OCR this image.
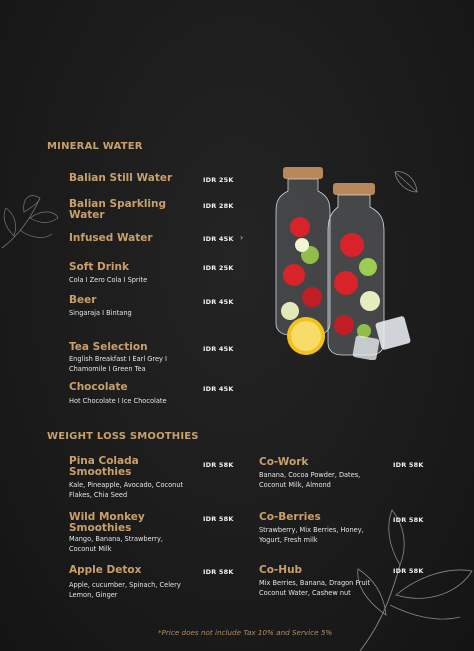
MINERAL WATER
Balian Still Water	IDR 25K
Balian Sparkling
Water
IDR 28K
Infused Water	IDR 45K
Soft Drink	IDR 25K
Cola I Zero Cola I Sprite
Beer	IDR 45K
Singaraja I Bintang
Tea Selection	IDR 45K
English Breakfast I Earl Grey I
Chamomile I Green Tea
Chocolate	IDR 45K
Hot Chocolate I Ice Chocolate
›
WEIGHT LOSS SMOOTHIES
Pina Colada
Smoothies
IDR 58K
Kale, Pineapple, Avocado, Coconut
Flakes, Chia Seed
Wild Monkey
Smoothies
IDR 58K
Mango, Banana, Strawberry,
Coconut Milk
Apple Detox	IDR 58K
Apple, cucumber, Spinach, Celery
Lemon, Ginger
Co-Work	IDR 58K
Banana, Cocoa Powder, Dates,
Coconut Milk, Almond
Co-Berries	IDR 58K
Strawberry, Mix Berries, Honey,
Yogurt, Fresh milk
Co-Hub	IDR 58K
Mix Berries, Banana, Dragon Fruit
Coconut Water, Cashew nut
*Price does not include Tax 10% and Service 5%
